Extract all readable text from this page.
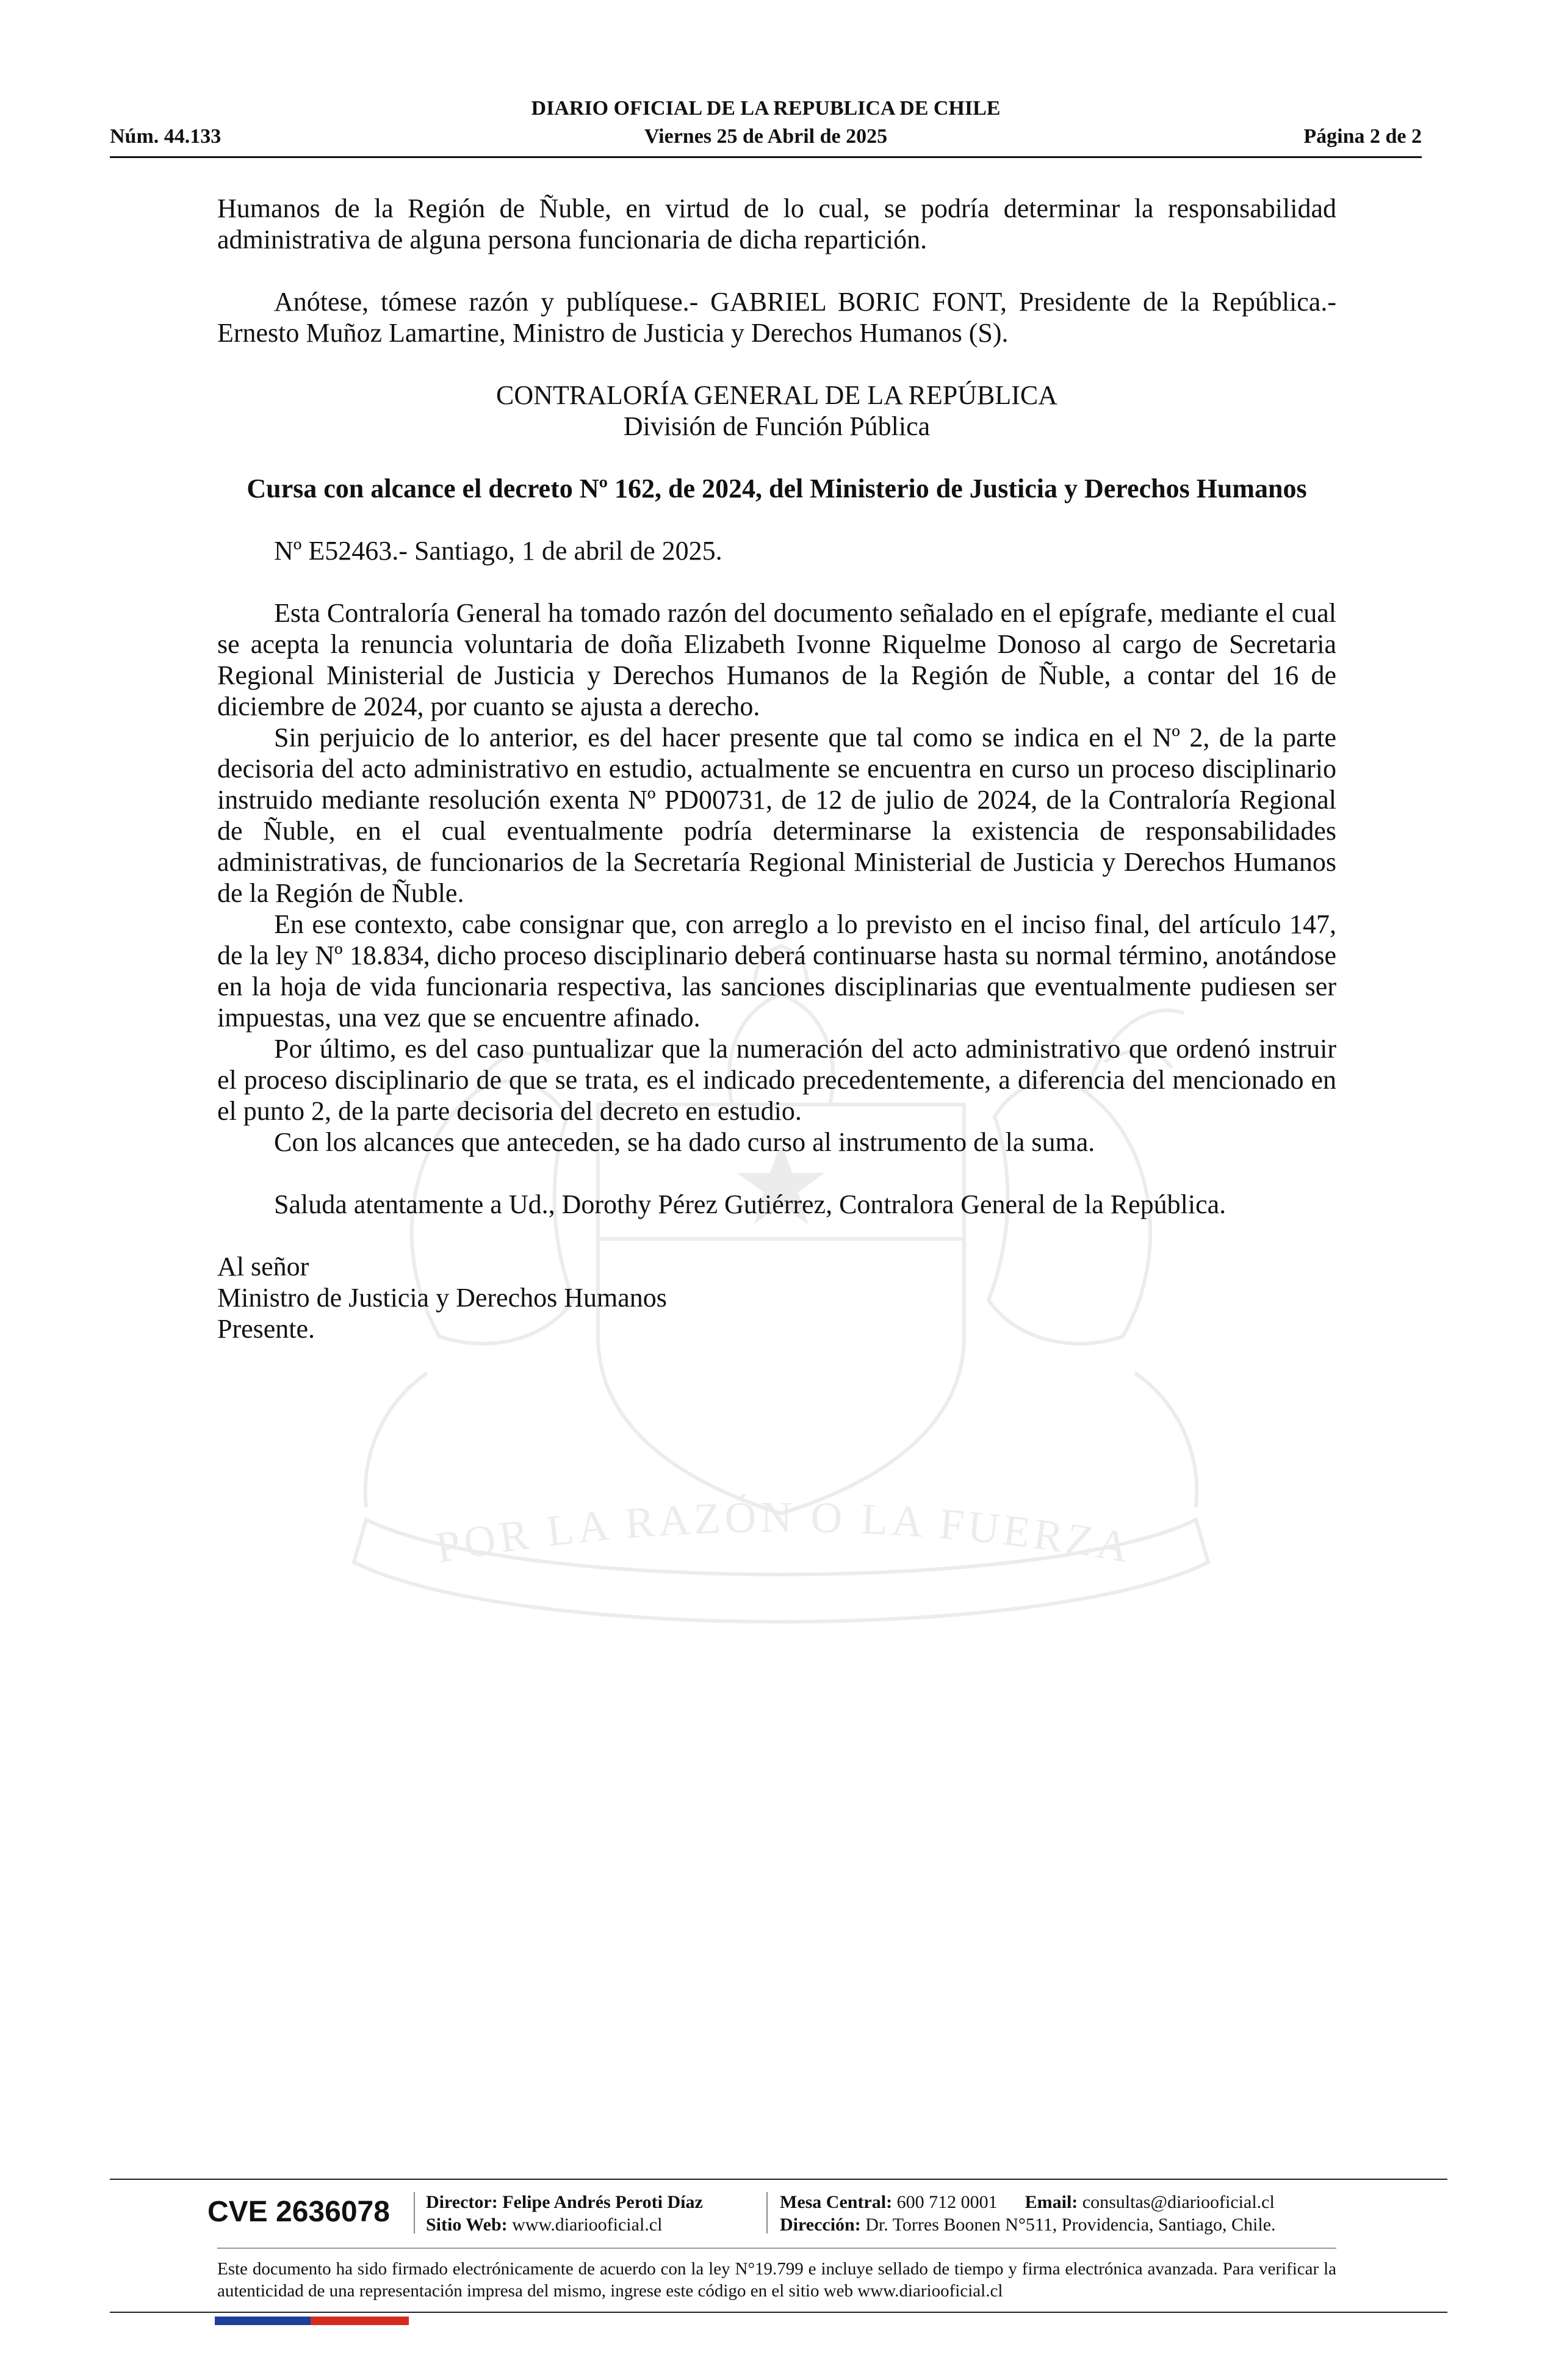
POR LA RAZÓN O LA FUERZA
DIARIO OFICIAL DE LA REPUBLICA DE CHILE
Núm. 44.133	Viernes 25 de Abril de 2025	Página 2 de 2

Humanos de la Región de Ñuble, en virtud de lo cual, se podría determinar la responsabilidad administrativa de alguna persona funcionaria de dicha repartición.

Anótese, tómese razón y publíquese.- GABRIEL BORIC FONT, Presidente de la República.- Ernesto Muñoz Lamartine, Ministro de Justicia y Derechos Humanos (S).

CONTRALORÍA GENERAL DE LA REPÚBLICA

División de Función Pública

Cursa con alcance el decreto Nº 162, de 2024, del Ministerio de Justicia y Derechos Humanos

Nº E52463.- Santiago, 1 de abril de 2025.

Esta Contraloría General ha tomado razón del documento señalado en el epígrafe, mediante el cual se acepta la renuncia voluntaria de doña Elizabeth Ivonne Riquelme Donoso al cargo de Secretaria Regional Ministerial de Justicia y Derechos Humanos de la Región de Ñuble, a contar del 16 de diciembre de 2024, por cuanto se ajusta a derecho.

Sin perjuicio de lo anterior, es del hacer presente que tal como se indica en el Nº 2, de la parte decisoria del acto administrativo en estudio, actualmente se encuentra en curso un proceso disciplinario instruido mediante resolución exenta Nº PD00731, de 12 de julio de 2024, de la Contraloría Regional de Ñuble, en el cual eventualmente podría determinarse la existencia de responsabilidades administrativas, de funcionarios de la Secretaría Regional Ministerial de Justicia y Derechos Humanos de la Región de Ñuble.

En ese contexto, cabe consignar que, con arreglo a lo previsto en el inciso final, del artículo 147, de la ley Nº 18.834, dicho proceso disciplinario deberá continuarse hasta su normal término, anotándose en la hoja de vida funcionaria respectiva, las sanciones disciplinarias que eventualmente pudiesen ser impuestas, una vez que se encuentre afinado.

Por último, es del caso puntualizar que la numeración del acto administrativo que ordenó instruir el proceso disciplinario de que se trata, es el indicado precedentemente, a diferencia del mencionado en el punto 2, de la parte decisoria del decreto en estudio.

Con los alcances que anteceden, se ha dado curso al instrumento de la suma.

Saluda atentamente a Ud., Dorothy Pérez Gutiérrez, Contralora General de la República.

Al señor

Ministro de Justicia y Derechos Humanos

Presente.

CVE 2636078	Director: Felipe Andrés Peroti Díaz
Sitio Web: www.diariooficial.cl
Mesa Central: 600 712 0001 Email: consultas@diariooficial.cl
Dirección: Dr. Torres Boonen N°511, Providencia, Santiago, Chile.
Este documento ha sido firmado electrónicamente de acuerdo con la ley N°19.799 e incluye sellado de tiempo y firma electrónica avanzada. Para verificar la autenticidad de una representación impresa del mismo, ingrese este código en el sitio web www.diariooficial.cl
